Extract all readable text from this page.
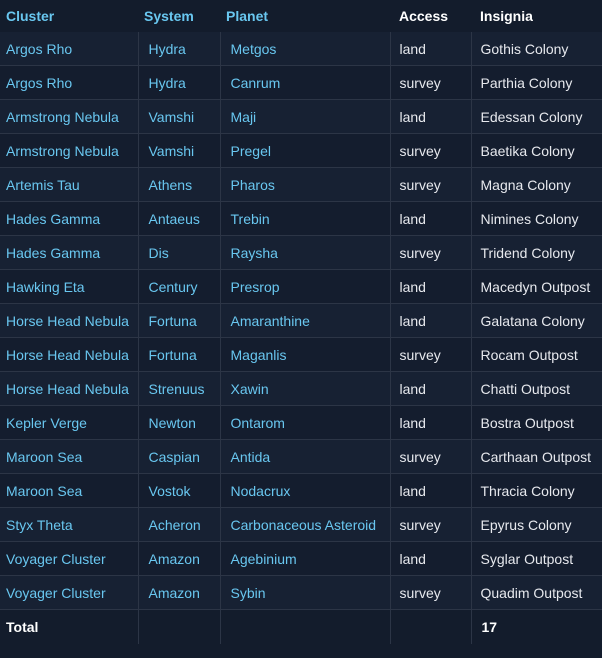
Cluster	System	Planet	Access	Insignia
Argos Rho	Hydra	Metgos	land	Gothis Colony
Argos Rho	Hydra	Canrum	survey	Parthia Colony
Armstrong Nebula	Vamshi	Maji	land	Edessan Colony
Armstrong Nebula	Vamshi	Pregel	survey	Baetika Colony
Artemis Tau	Athens	Pharos	survey	Magna Colony
Hades Gamma	Antaeus	Trebin	land	Nimines Colony
Hades Gamma	Dis	Raysha	survey	Tridend Colony
Hawking Eta	Century	Presrop	land	Macedyn Outpost
Horse Head Nebula	Fortuna	Amaranthine	land	Galatana Colony
Horse Head Nebula	Fortuna	Maganlis	survey	Rocam Outpost
Horse Head Nebula	Strenuus	Xawin	land	Chatti Outpost
Kepler Verge	Newton	Ontarom	land	Bostra Outpost
Maroon Sea	Caspian	Antida	survey	Carthaan Outpost
Maroon Sea	Vostok	Nodacrux	land	Thracia Colony
Styx Theta	Acheron	Carbonaceous Asteroid	survey	Epyrus Colony
Voyager Cluster	Amazon	Agebinium	land	Syglar Outpost
Voyager Cluster	Amazon	Sybin	survey	Quadim Outpost
Total				17
